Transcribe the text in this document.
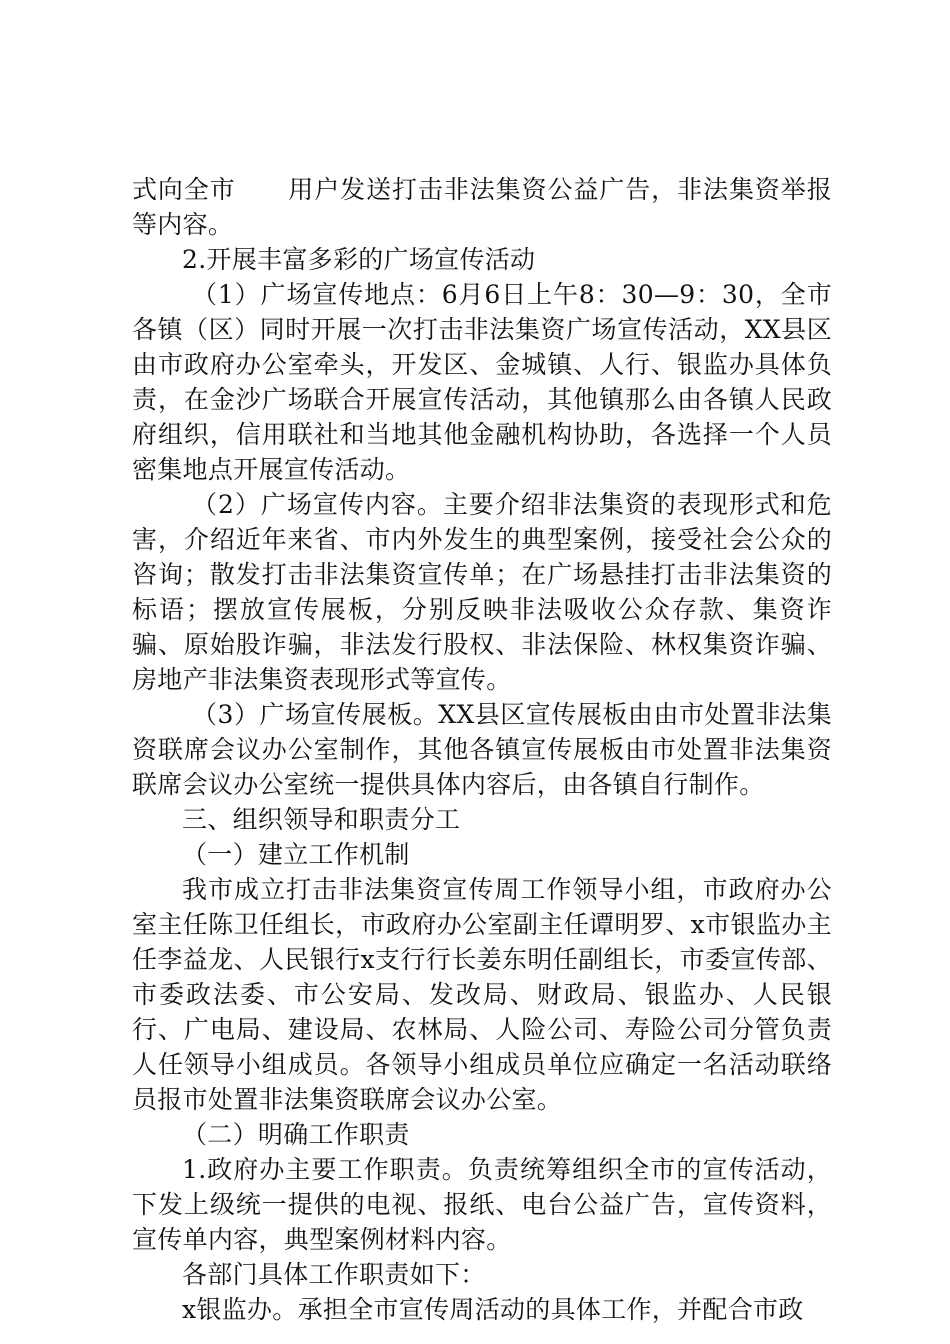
式向全市 用户发送打击非法集资公益广告，非法集资举报等内容。

2.开展丰富多彩的广场宣传活动

（1）广场宣传地点：6月6日上午8：30—9：30，全市各镇（区）同时开展一次打击非法集资广场宣传活动，XX县区由市政府办公室牵头，开发区、金城镇、人行、银监办具体负责，在金沙广场联合开展宣传活动，其他镇那么由各镇人民政府组织，信用联社和当地其他金融机构协助，各选择一个人员密集地点开展宣传活动。

（2）广场宣传内容。主要介绍非法集资的表现形式和危害，介绍近年来省、市内外发生的典型案例，接受社会公众的咨询；散发打击非法集资宣传单；在广场悬挂打击非法集资的标语；摆放宣传展板，分别反映非法吸收公众存款、集资诈骗、原始股诈骗，非法发行股权、非法保险、林权集资诈骗、房地产非法集资表现形式等宣传。

（3）广场宣传展板。XX县区宣传展板由由市处置非法集资联席会议办公室制作，其他各镇宣传展板由市处置非法集资联席会议办公室统一提供具体内容后，由各镇自行制作。

三、组织领导和职责分工

（一）建立工作机制

我市成立打击非法集资宣传周工作领导小组，市政府办公室主任陈卫任组长，市政府办公室副主任谭明罗、x市银监办主任李益龙、人民银行x支行行长姜东明任副组长，市委宣传部、市委政法委、市公安局、发改局、财政局、银监办、人民银行、广电局、建设局、农林局、人险公司、寿险公司分管负责人任领导小组成员。各领导小组成员单位应确定一名活动联络员报市处置非法集资联席会议办公室。

（二）明确工作职责

1.政府办主要工作职责。负责统筹组织全市的宣传活动，下发上级统一提供的电视、报纸、电台公益广告，宣传资料，宣传单内容，典型案例材料内容。

各部门具体工作职责如下：

x银监办。承担全市宣传周活动的具体工作，并配合市政
